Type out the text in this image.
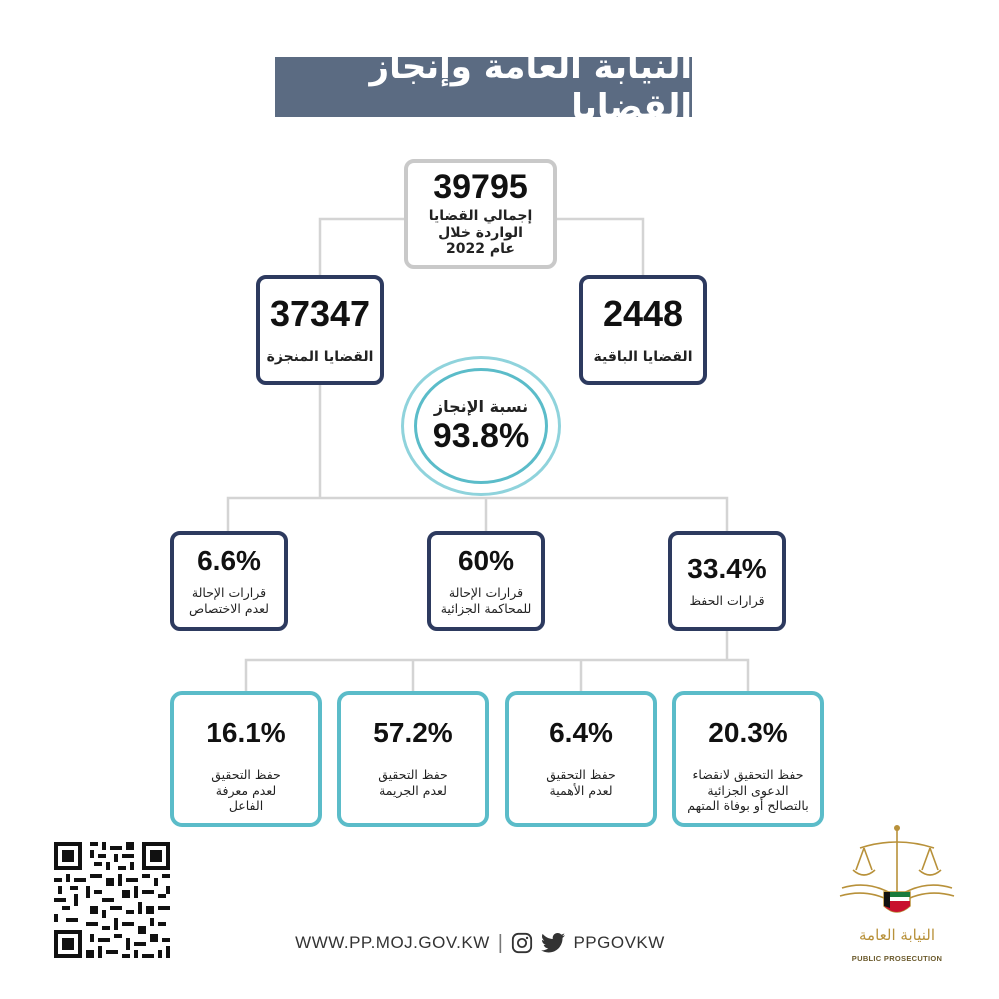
النيابة العامة وإنجاز القضايا
39795
إجمالي القضايا
الواردة خلال
عام 2022
37347
القضايا المنجزة
2448
القضايا الباقية
نسبة الإنجاز
93.8%
33.4%
قرارات الحفظ
60%
قرارات الإحالة
للمحاكمة الجزائية
6.6%
قرارات الإحالة
لعدم الاختصاص
20.3%
حفظ التحقيق لانقضاء
الدعوى الجزائية
بالتصالح أو بوفاة المتهم
6.4%
حفظ التحقيق
لعدم الأهمية
57.2%
حفظ التحقيق
لعدم الجريمة
16.1%
حفظ التحقيق
لعدم معرفة
الفاعل
WWW.PP.MOJ.GOV.KW |	PPGOVKW	النيابة العامة
PUBLIC PROSECUTION
